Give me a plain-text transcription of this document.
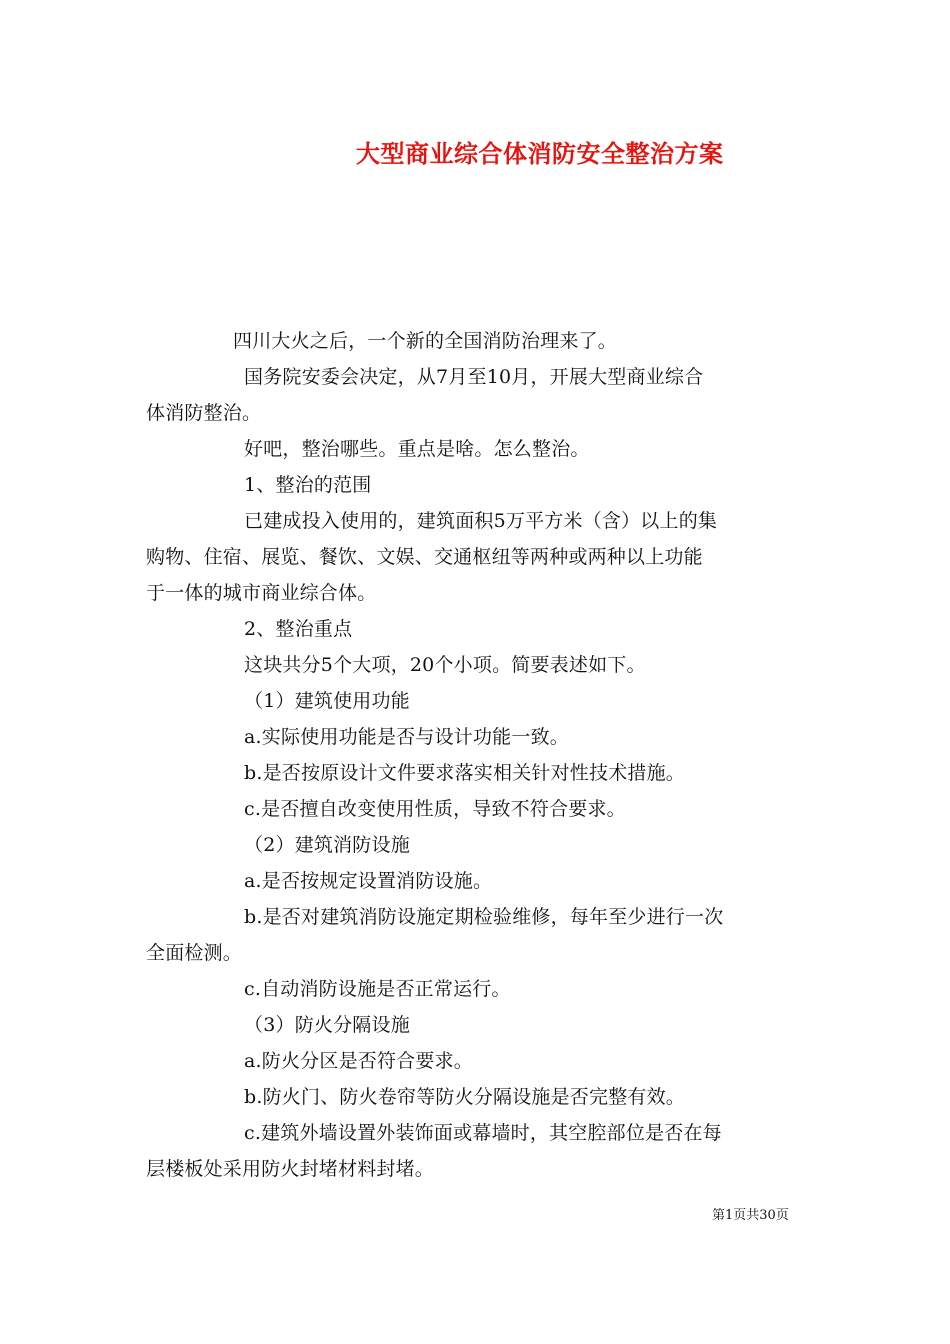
大型商业综合体消防安全整治方案
四川大火之后，一个新的全国消防治理来了。
国务院安委会决定，从7月至10月，开展大型商业综合
体消防整治。
好吧，整治哪些。重点是啥。怎么整治。
1、整治的范围
已建成投入使用的，建筑面积5万平方米（含）以上的集
购物、住宿、展览、餐饮、文娱、交通枢纽等两种或两种以上功能
于一体的城市商业综合体。
2、整治重点
这块共分5个大项，20个小项。简要表述如下。
（1）建筑使用功能
a.实际使用功能是否与设计功能一致。
b.是否按原设计文件要求落实相关针对性技术措施。
c.是否擅自改变使用性质，导致不符合要求。
（2）建筑消防设施
a.是否按规定设置消防设施。
b.是否对建筑消防设施定期检验维修，每年至少进行一次
全面检测。
c.自动消防设施是否正常运行。
（3）防火分隔设施
a.防火分区是否符合要求。
b.防火门、防火卷帘等防火分隔设施是否完整有效。
c.建筑外墙设置外装饰面或幕墙时，其空腔部位是否在每
层楼板处采用防火封堵材料封堵。
第1页共30页
